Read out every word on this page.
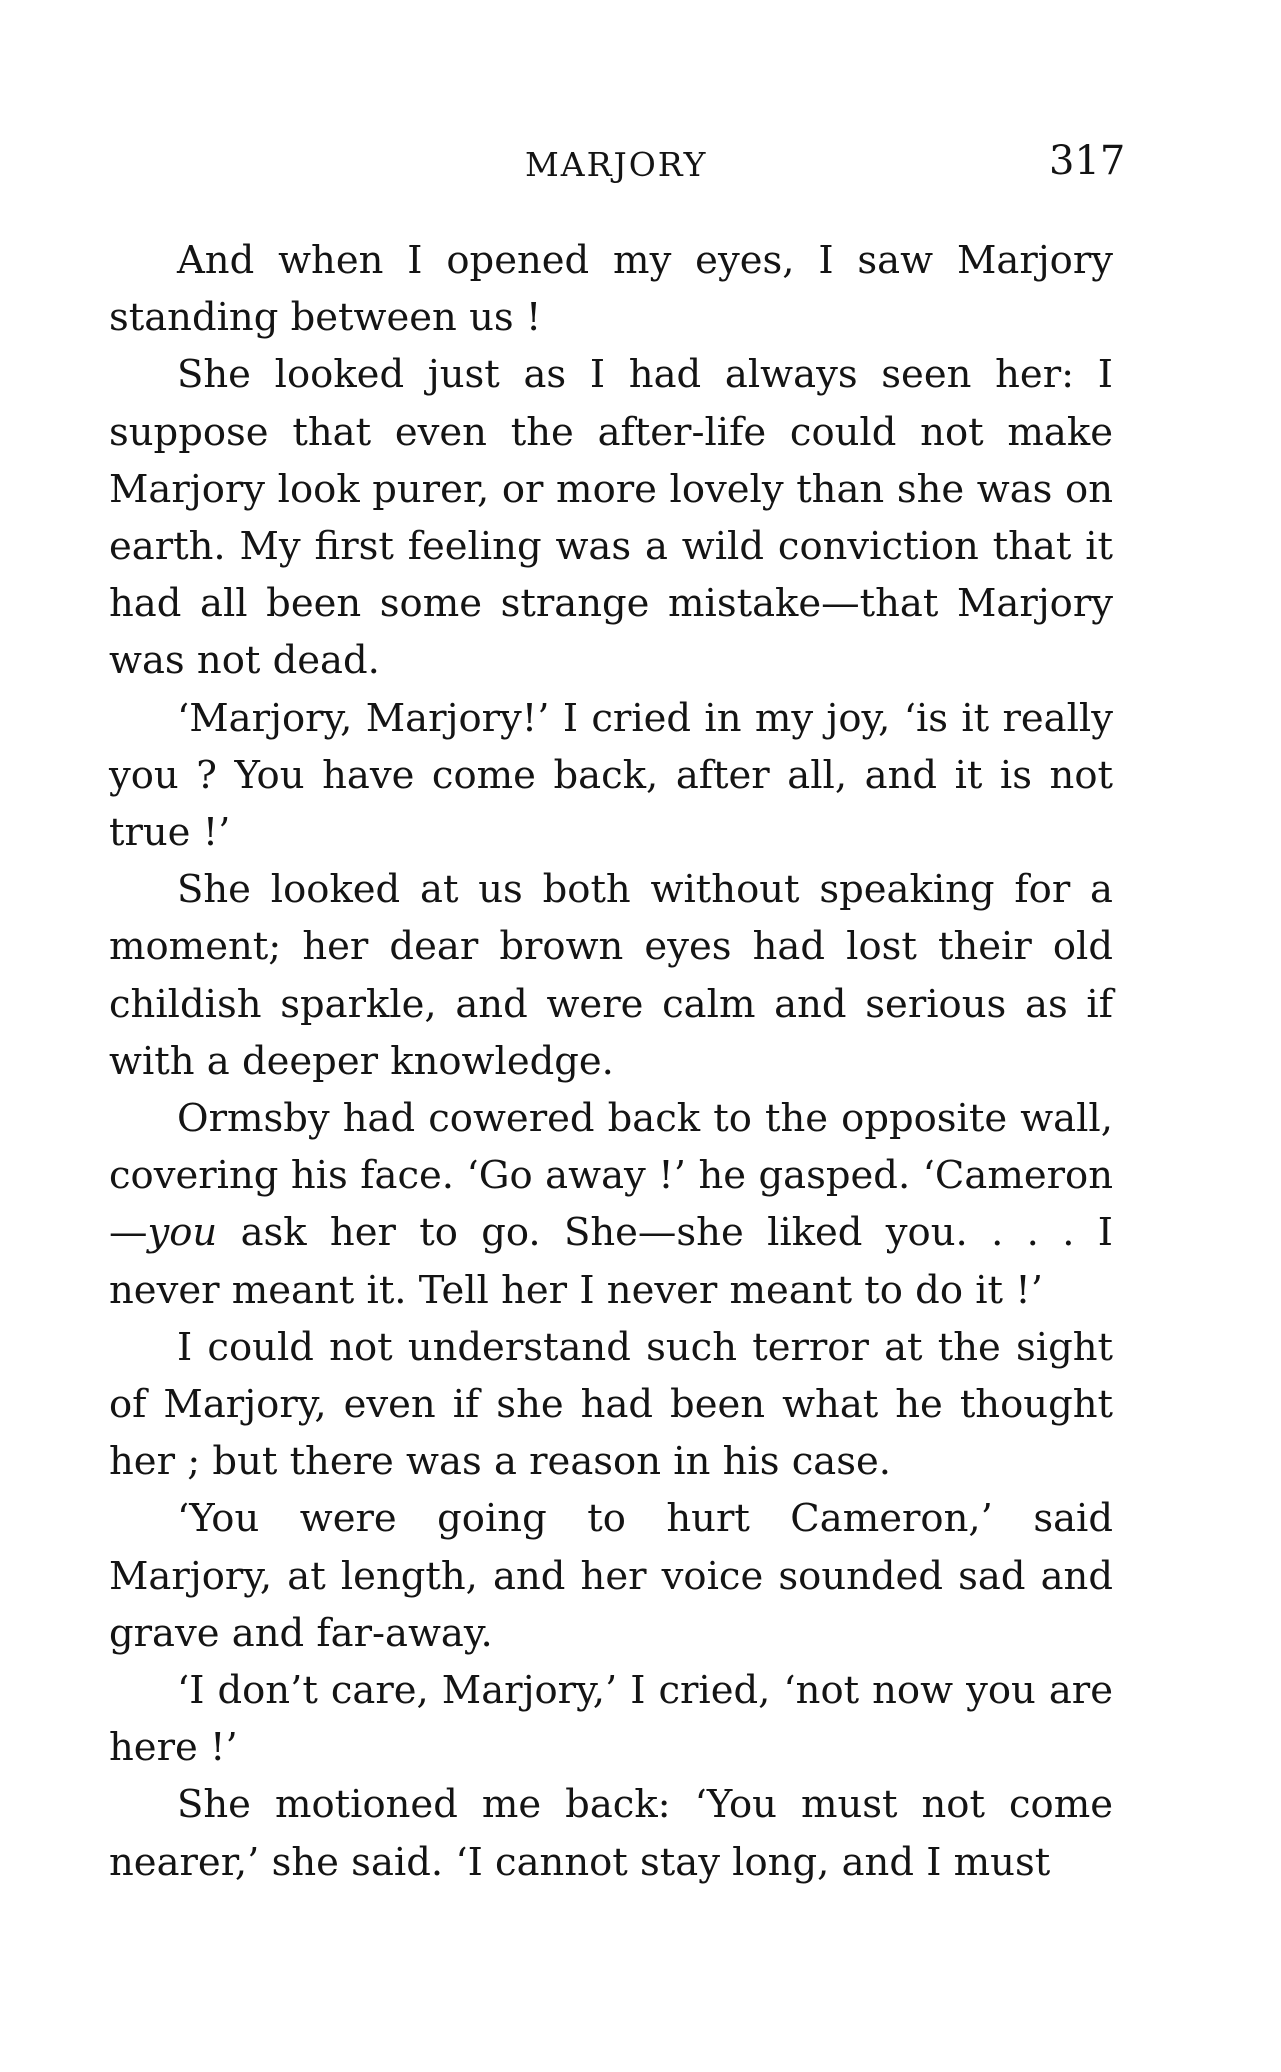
MARJORY	317

And when I opened my eyes, I saw Marjory standing between us !

She looked just as I had always seen her: I suppose that even the after-life could not make Marjory look purer, or more lovely than she was on earth. My first feeling was a wild conviction that it had all been some strange mistake—that Marjory was not dead.

‘Marjory, Marjory!’ I cried in my joy, ‘is it really you ? You have come back, after all, and it is not true !’

She looked at us both without speaking for a moment; her dear brown eyes had lost their old childish sparkle, and were calm and serious as if with a deeper knowledge.

Ormsby had cowered back to the opposite wall, covering his face. ‘Go away !’ he gasped. ‘Cameron —you ask her to go. She—she liked you. . . . I never meant it. Tell her I never meant to do it !’

I could not understand such terror at the sight of Marjory, even if she had been what he thought her ; but there was a reason in his case.

‘You were going to hurt Cameron,’ said Marjory, at length, and her voice sounded sad and grave and far-away.

‘I don’t care, Marjory,’ I cried, ‘not now you are here !’

She motioned me back: ‘You must not come nearer,’ she said. ‘I cannot stay long, and I must
